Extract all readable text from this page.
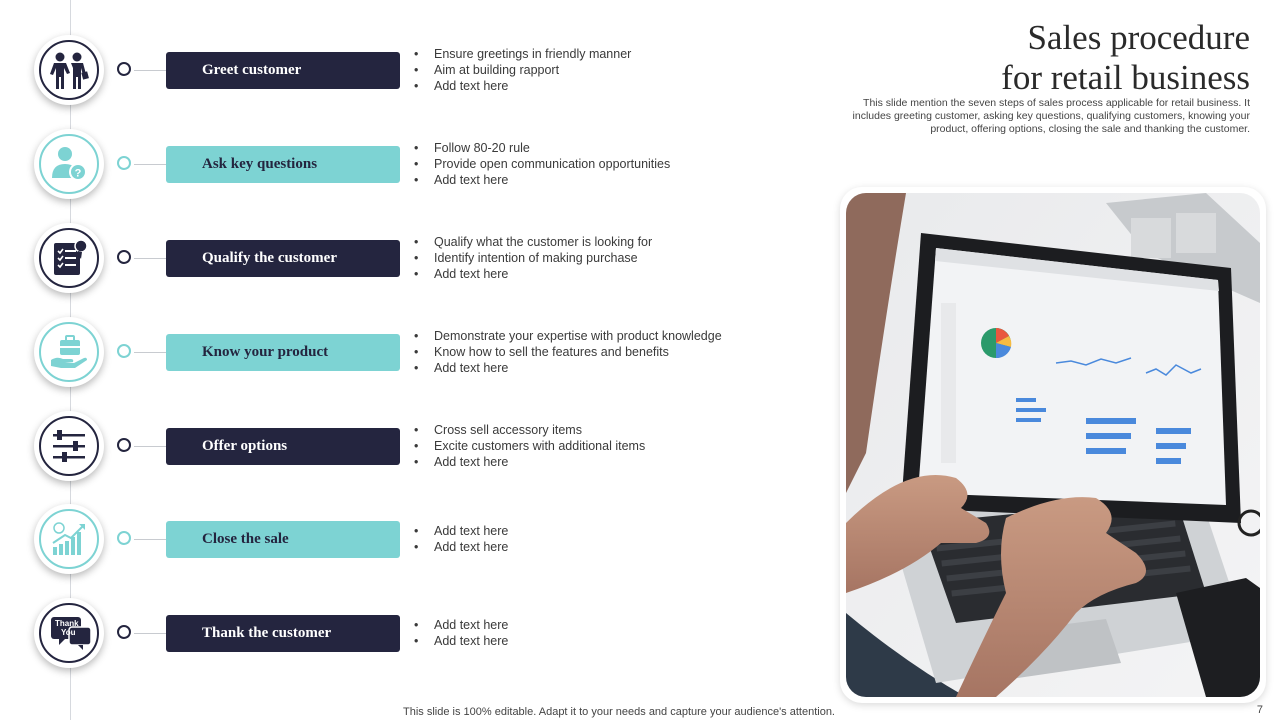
Greet customer
• Ensure greetings in friendly manner
• Aim at building rapport
• Add text here
?
Ask key questions
• Follow 80-20 rule
• Provide open communication opportunities
• Add text here
Qualify the customer
• Qualify what the customer is looking for
• Identify intention of making purchase
• Add text here
Know your product
• Demonstrate your expertise with product knowledge
• Know how to sell the features and benefits
• Add text here
Offer options
• Cross sell accessory items
• Excite customers with additional items
• Add text here
Close the sale	• Add text here
• Add text here
Thank
You	Thank the customer	• Add text here
• Add text here
Sales procedure
for retail business
This slide mention the seven steps of sales process applicable for retail business. It includes greeting customer, asking key questions, qualifying customers, knowing your product, offering options, closing the sale and thanking the customer.
This slide is 100% editable. Adapt it to your needs and capture your audience's attention.	7
